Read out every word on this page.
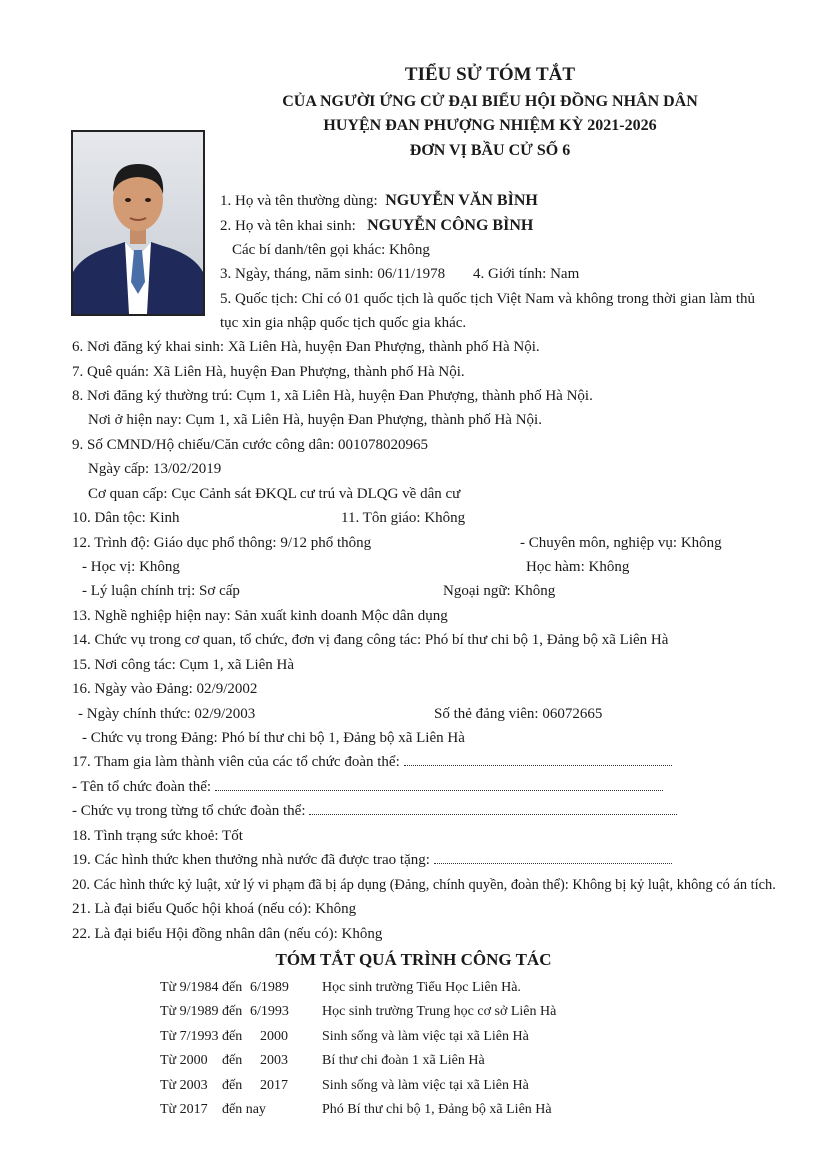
TIỂU SỬ TÓM TẮT
CỦA NGƯỜI ỨNG CỬ ĐẠI BIỂU HỘI ĐỒNG NHÂN DÂN
HUYỆN ĐAN PHƯỢNG NHIỆM KỲ 2021-2026
ĐƠN VỊ BẦU CỬ SỐ 6
1. Họ và tên thường dùng: NGUYỄN VĂN BÌNH
2. Họ và tên khai sinh: NGUYỄN CÔNG BÌNH
Các bí danh/tên gọi khác: Không
3. Ngày, tháng, năm sinh: 06/11/1978 4. Giới tính: Nam
5. Quốc tịch: Chỉ có 01 quốc tịch là quốc tịch Việt Nam và không trong thời gian làm thủ
tục xin gia nhập quốc tịch quốc gia khác.
6. Nơi đăng ký khai sinh: Xã Liên Hà, huyện Đan Phượng, thành phố Hà Nội.
7. Quê quán: Xã Liên Hà, huyện Đan Phượng, thành phố Hà Nội.
8. Nơi đăng ký thường trú: Cụm 1, xã Liên Hà, huyện Đan Phượng, thành phố Hà Nội.
Nơi ở hiện nay: Cụm 1, xã Liên Hà, huyện Đan Phượng, thành phố Hà Nội.
9. Số CMND/Hộ chiếu/Căn cước công dân: 001078020965
Ngày cấp: 13/02/2019
Cơ quan cấp: Cục Cảnh sát ĐKQL cư trú và DLQG về dân cư
10. Dân tộc: Kinh	11. Tôn giáo: Không
12. Trình độ: Giáo dục phổ thông: 9/12 phổ thông	- Chuyên môn, nghiệp vụ: Không
- Học vị: Không	Học hàm: Không
- Lý luận chính trị: Sơ cấp	Ngoại ngữ: Không
13. Nghề nghiệp hiện nay: Sản xuất kinh doanh Mộc dân dụng
14. Chức vụ trong cơ quan, tổ chức, đơn vị đang công tác: Phó bí thư chi bộ 1, Đảng bộ xã Liên Hà
15. Nơi công tác: Cụm 1, xã Liên Hà
16. Ngày vào Đảng: 02/9/2002
- Ngày chính thức: 02/9/2003	Số thẻ đảng viên: 06072665
- Chức vụ trong Đảng: Phó bí thư chi bộ 1, Đảng bộ xã Liên Hà
17. Tham gia làm thành viên của các tổ chức đoàn thể:
- Tên tổ chức đoàn thể:
- Chức vụ trong từng tổ chức đoàn thể:
18. Tình trạng sức khoẻ: Tốt
19. Các hình thức khen thưởng nhà nước đã được trao tặng:
20. Các hình thức kỷ luật, xử lý vi phạm đã bị áp dụng (Đảng, chính quyền, đoàn thể): Không bị kỷ luật, không có án tích.
21. Là đại biểu Quốc hội khoá (nếu có): Không
22. Là đại biểu Hội đồng nhân dân (nếu có): Không
TÓM TẮT QUÁ TRÌNH CÔNG TÁC
Từ 9/1984 đến 6/1989 Học sinh trường Tiểu Học Liên Hà.
Từ 9/1989 đến 6/1993 Học sinh trường Trung học cơ sở Liên Hà
Từ 7/1993 đến 2000 Sinh sống và làm việc tại xã Liên Hà
Từ 2000 đến 2003 Bí thư chi đoàn 1 xã Liên Hà
Từ 2003 đến 2017 Sinh sống và làm việc tại xã Liên Hà
Từ 2017 đến nay	Phó Bí thư chi bộ 1, Đảng bộ xã Liên Hà
